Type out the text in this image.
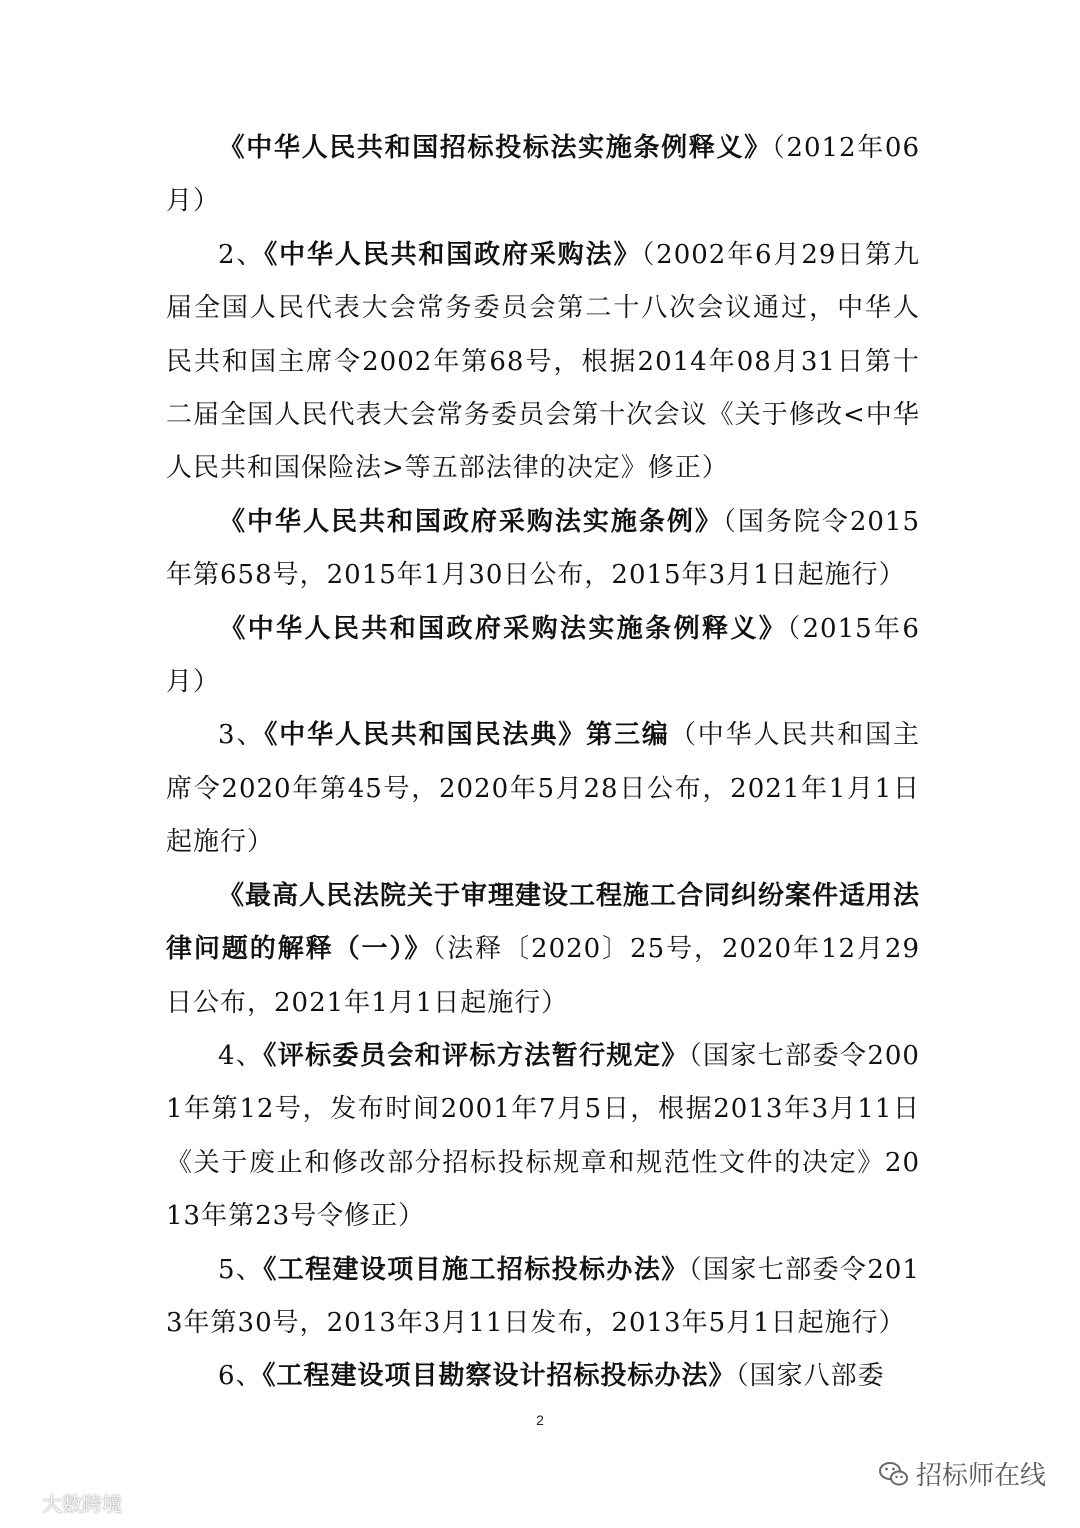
《中华人民共和国招标投标法实施条例释义》（2012年06月）

2、《中华人民共和国政府采购法》（2002年6月29日第九届全国人民代表大会常务委员会第二十八次会议通过，中华人民共和国主席令2002年第68号，根据2014年08月31日第十二届全国人民代表大会常务委员会第十次会议《关于修改<中华人民共和国保险法>等五部法律的决定》修正）

《中华人民共和国政府采购法实施条例》（国务院令2015年第658号，2015年1月30日公布，2015年3月1日起施行）

《中华人民共和国政府采购法实施条例释义》（2015年6月）

3、《中华人民共和国民法典》第三编（中华人民共和国主席令2020年第45号，2020年5月28日公布，2021年1月1日起施行）

《最高人民法院关于审理建设工程施工合同纠纷案件适用法律问题的解释（一）》（法释〔2020〕25号，2020年12月29日公布，2021年1月1日起施行）

4、《评标委员会和评标方法暂行规定》（国家七部委令2001年第12号，发布时间2001年7月5日，根据2013年3月11日《关于废止和修改部分招标投标规章和规范性文件的决定》2013年第23号令修正）

5、《工程建设项目施工招标投标办法》（国家七部委令2013年第30号，2013年3月11日发布，2013年5月1日起施行）

6、《工程建设项目勘察设计招标投标办法》（国家八部委

2
大数跨境
招标师在线
